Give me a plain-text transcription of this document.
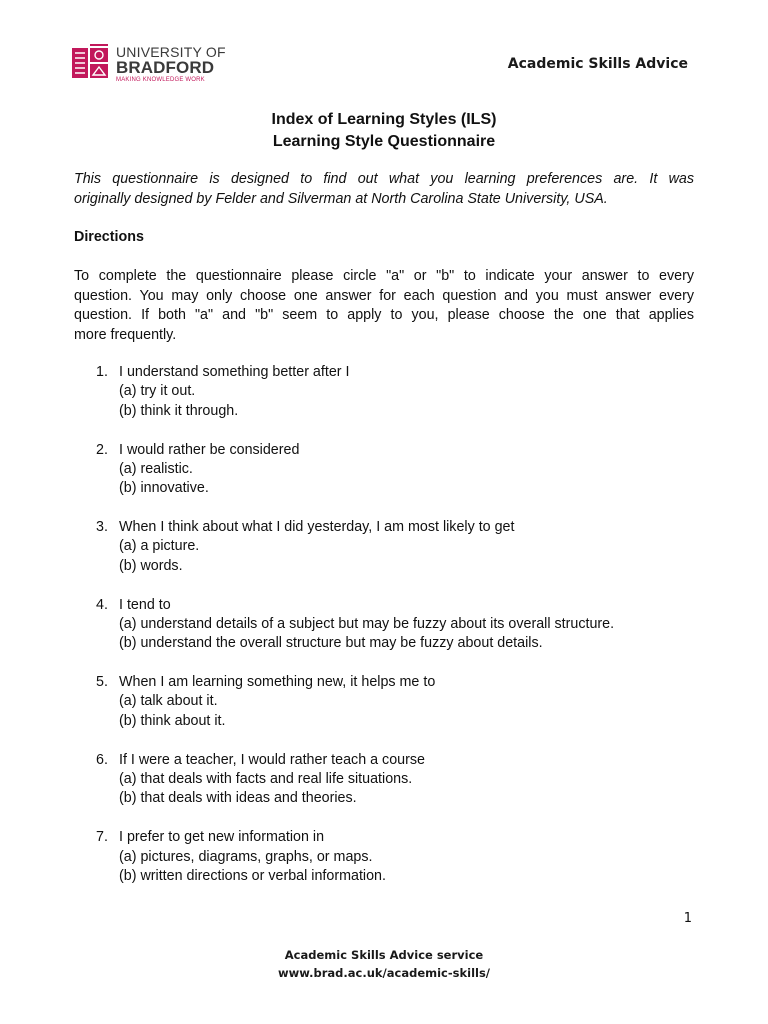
UNIVERSITY OF
BRADFORD
MAKING KNOWLEDGE WORK
Academic Skills Advice
Index of Learning Styles (ILS)
Learning Style Questionnaire
This questionnaire is designed to find out what you learning preferences are. It was
originally designed by Felder and Silverman at North Carolina State University, USA.
Directions
To complete the questionnaire please circle "a" or "b" to indicate your answer to every
question. You may only choose one answer for each question and you must answer every
question. If both "a" and "b" seem to apply to you, please choose the one that applies
more frequently.
1. I understand something better after I
(a) try it out.
(b) think it through.
2. I would rather be considered
(a) realistic.
(b) innovative.
3. When I think about what I did yesterday, I am most likely to get
(a) a picture.
(b) words.
4. I tend to
(a) understand details of a subject but may be fuzzy about its overall structure.
(b) understand the overall structure but may be fuzzy about details.
5. When I am learning something new, it helps me to
(a) talk about it.
(b) think about it.
6. If I were a teacher, I would rather teach a course
(a) that deals with facts and real life situations.
(b) that deals with ideas and theories.
7. I prefer to get new information in
(a) pictures, diagrams, graphs, or maps.
(b) written directions or verbal information.
1
Academic Skills Advice service
www.brad.ac.uk/academic-skills/
